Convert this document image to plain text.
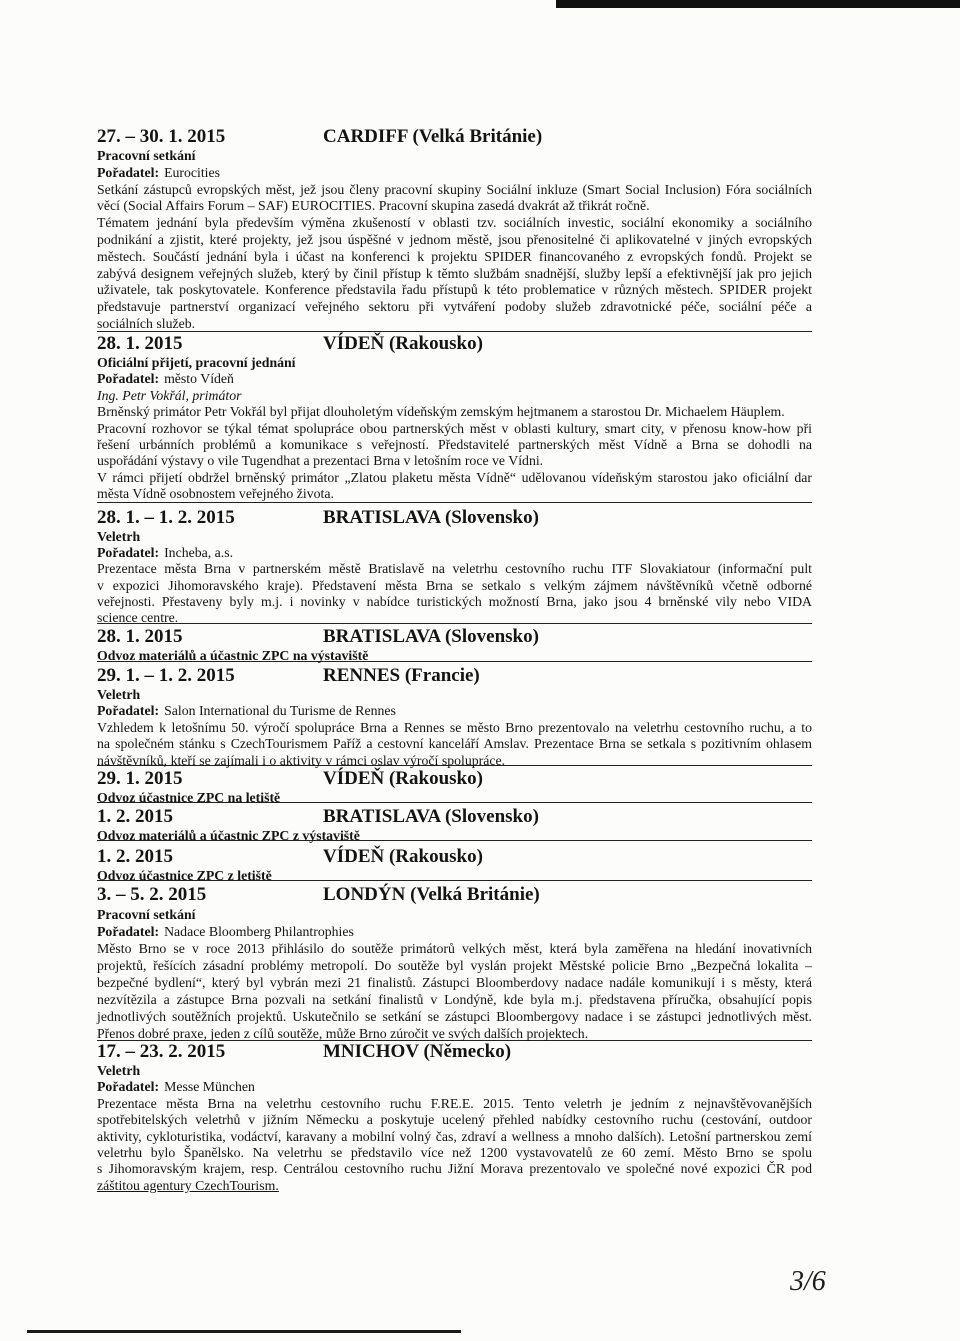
27. – 30. 1. 2015	CARDIFF (Velká Británie)
Pracovní setkání
Pořadatel: Eurocities
Setkání zástupců evropských měst, jež jsou členy pracovní skupiny Sociální inkluze (Smart Social Inclusion) Fóra sociálních
věcí (Social Affairs Forum – SAF) EUROCITIES. Pracovní skupina zasedá dvakrát až třikrát ročně.
Tématem jednání byla především výměna zkušeností v oblasti tzv. sociálních investic, sociální ekonomiky a sociálního
podnikání a zjistit, které projekty, jež jsou úspěšné v jednom městě, jsou přenositelné či aplikovatelné v jiných evropských
městech. Součástí jednání byla i účast na konferenci k projektu SPIDER financovaného z evropských fondů. Projekt se
zabývá designem veřejných služeb, který by činil přístup k těmto službám snadnější, služby lepší a efektivnější jak pro jejich
uživatele, tak poskytovatele. Konference představila řadu přístupů k této problematice v různých městech. SPIDER projekt
představuje partnerství organizací veřejného sektoru při vytváření podoby služeb zdravotnické péče, sociální péče a
sociálních služeb.
28. 1. 2015	VÍDEŇ (Rakousko)
Oficiální přijetí, pracovní jednání
Pořadatel: město Vídeň
Ing. Petr Vokřál, primátor
Brněnský primátor Petr Vokřál byl přijat dlouholetým vídeňským zemským hejtmanem a starostou Dr. Michaelem Häuplem.
Pracovní rozhovor se týkal témat spolupráce obou partnerských měst v oblasti kultury, smart city, v přenosu know-how při
řešení urbánních problémů a komunikace s veřejností. Představitelé partnerských měst Vídně a Brna se dohodli na
uspořádání výstavy o vile Tugendhat a prezentaci Brna v letošním roce ve Vídni.
V rámci přijetí obdržel brněnský primátor „Zlatou plaketu města Vídně“ udělovanou vídeňským starostou jako oficiální dar
města Vídně osobnostem veřejného života.
28. 1. – 1. 2. 2015	BRATISLAVA (Slovensko)
Veletrh
Pořadatel: Incheba, a.s.
Prezentace města Brna v partnerském městě Bratislavě na veletrhu cestovního ruchu ITF Slovakiatour (informační pult
v expozici Jihomoravského kraje). Představení města Brna se setkalo s velkým zájmem návštěvníků včetně odborné
veřejnosti. Přestaveny byly m.j. i novinky v nabídce turistických možností Brna, jako jsou 4 brněnské vily nebo VIDA
science centre.
28. 1. 2015	BRATISLAVA (Slovensko)
Odvoz materiálů a účastnic ZPC na výstaviště
29. 1. – 1. 2. 2015	RENNES (Francie)
Veletrh
Pořadatel: Salon International du Turisme de Rennes
Vzhledem k letošnímu 50. výročí spolupráce Brna a Rennes se město Brno prezentovalo na veletrhu cestovního ruchu, a to
na společném stánku s CzechTourismem Paříž a cestovní kanceláří Amslav. Prezentace Brna se setkala s pozitivním ohlasem
návštěvníků, kteří se zajímali i o aktivity v rámci oslav výročí spolupráce.
29. 1. 2015	VÍDEŇ (Rakousko)
Odvoz účastnice ZPC na letiště
1. 2. 2015	BRATISLAVA (Slovensko)
Odvoz materiálů a účastnic ZPC z výstaviště
1. 2. 2015	VÍDEŇ (Rakousko)
Odvoz účastnice ZPC z letiště
3. – 5. 2. 2015	LONDÝN (Velká Británie)
Pracovní setkání
Pořadatel: Nadace Bloomberg Philantrophies
Město Brno se v roce 2013 přihlásilo do soutěže primátorů velkých měst, která byla zaměřena na hledání inovativních
projektů, řešících zásadní problémy metropolí. Do soutěže byl vyslán projekt Městské policie Brno „Bezpečná lokalita –
bezpečné bydlení“, který byl vybrán mezi 21 finalistů. Zástupci Bloomberdovy nadace nadále komunikují i s městy, která
nezvítězila a zástupce Brna pozvali na setkání finalistů v Londýně, kde byla m.j. představena příručka, obsahující popis
jednotlivých soutěžních projektů. Uskutečnilo se setkání se zástupci Bloombergovy nadace i se zástupci jednotlivých měst.
Přenos dobré praxe, jeden z cílů soutěže, může Brno zúročit ve svých dalších projektech.
17. – 23. 2. 2015	MNICHOV (Německo)
Veletrh
Pořadatel: Messe München
Prezentace města Brna na veletrhu cestovního ruchu F.RE.E. 2015. Tento veletrh je jedním z nejnavštěvovanějších
spotřebitelských veletrhů v jižním Německu a poskytuje ucelený přehled nabídky cestovního ruchu (cestování, outdoor
aktivity, cykloturistika, vodáctví, karavany a mobilní volný čas, zdraví a wellness a mnoho dalších). Letošní partnerskou zemí
veletrhu bylo Španělsko. Na veletrhu se představilo více než 1200 vystavovatelů ze 60 zemí. Město Brno se spolu
s Jihomoravským krajem, resp. Centrálou cestovního ruchu Jižní Morava prezentovalo ve společné nové expozici ČR pod
záštitou agentury CzechTourism.
3/6
